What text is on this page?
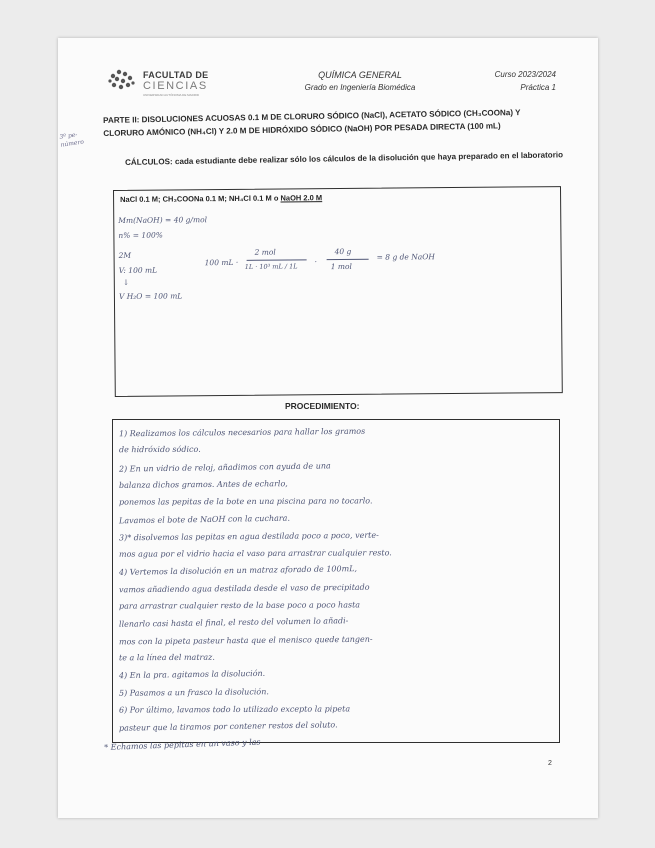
FACULTAD DE
CIENCIAS
UNIVERSIDAD AUTÓNOMA DE MADRID
QUÍMICA GENERAL
Grado en Ingeniería Biomédica
Curso 2023/2024
Práctica 1
3º pe-
número
PARTE II: DISOLUCIONES ACUOSAS 0.1 M DE CLORURO SÓDICO (NaCl), ACETATO SÓDICO (CH₃COONa) Y CLORURO AMÓNICO (NH₄Cl) Y 2.0 M DE HIDRÓXIDO SÓDICO (NaOH) POR PESADA DIRECTA (100 mL)
CÁLCULOS: cada estudiante debe realizar sólo los cálculos de la disolución que haya preparado en el laboratorio
NaCl 0.1 M; CH₃COONa 0.1 M; NH₄Cl 0.1 M o NaOH 2.0 M
Mm(NaOH) = 40 g/mol
n% = 100%
2M
V: 100 mL
↓
V H₂O = 100 mL
100 mL ·
2 mol
1L · 10³ mL / 1L
·
40 g
1 mol
= 8 g de NaOH
PROCEDIMIENTO:
1) Realizamos los cálculos necesarios para hallar los gramos
de hidróxido sódico.
2) En un vidrio de reloj, añadimos con ayuda de una
balanza dichos gramos. Antes de echarlo,
ponemos las pepitas de la bote en una piscina para no tocarlo.
Lavamos el bote de NaOH con la cuchara.
3)* disolvemos las pepitas en agua destilada poco a poco, verte-
mos agua por el vidrio hacia el vaso para arrastrar cualquier resto.
4) Vertemos la disolución en un matraz aforado de 100mL,
vamos añadiendo agua destilada desde el vaso de precipitado
para arrastrar cualquier resto de la base poco a poco hasta
llenarlo casi hasta el final, el resto del volumen lo añadi-
mos con la pipeta pasteur hasta que el menisco quede tangen-
te a la línea del matraz.
4) En la pra. agitamos la disolución.
5) Pasamos a un frasco la disolución.
6) Por último, lavamos todo lo utilizado excepto la pipeta
pasteur que la tiramos por contener restos del soluto.
* Echamos las pepitas en un vaso y las
2
